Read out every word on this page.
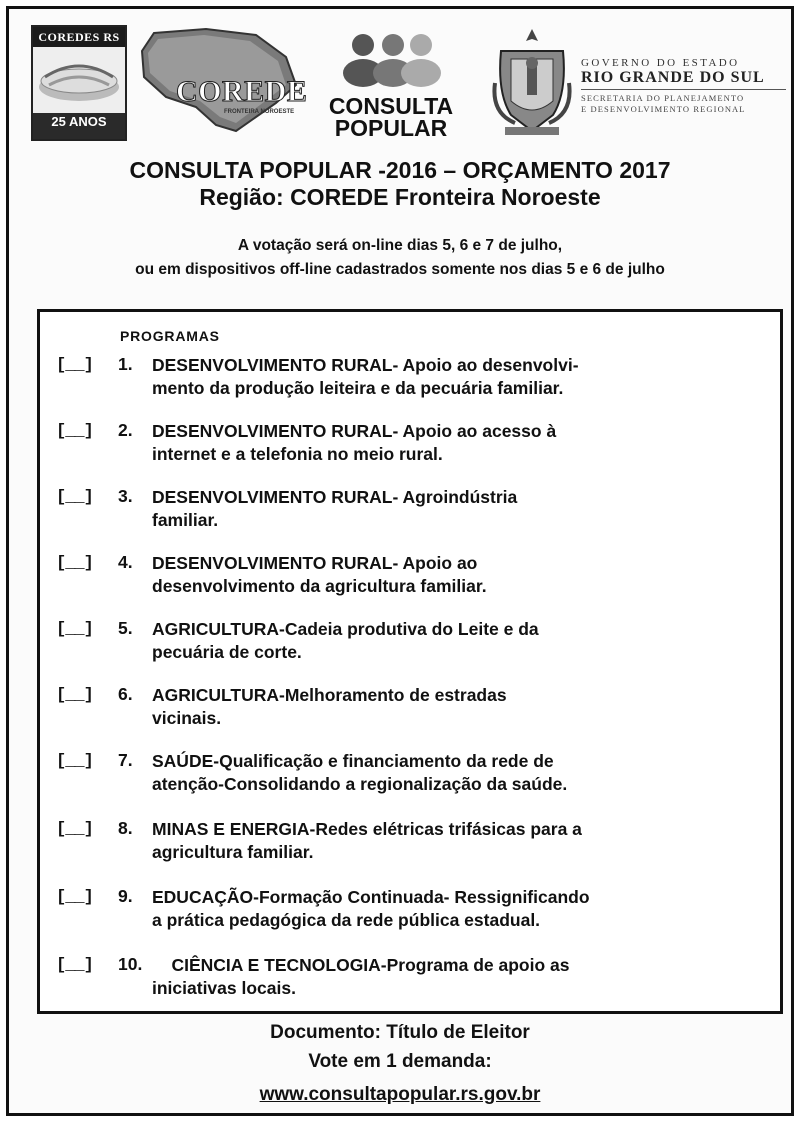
COREDES RS
25 ANOS

COREDE
FRONTEIRA NOROESTE	CONSULTA
POPULAR
GOVERNO DO ESTADO
RIO GRANDE DO SUL
SECRETARIA DO PLANEJAMENTO
E DESENVOLVIMENTO REGIONAL
CONSULTA POPULAR -2016 – ORÇAMENTO 2017
Região: COREDE Fronteira Noroeste
A votação será on-line dias 5, 6 e 7 de julho,
ou em dispositivos off-line cadastrados somente nos dias 5 e 6 de julho
PROGRAMAS
[__] 1. DESENVOLVIMENTO RURAL- Apoio ao desenvolvi-
mento da produção leiteira e da pecuária familiar.
[__] 2. DESENVOLVIMENTO RURAL- Apoio ao acesso à
internet e a telefonia no meio rural.
[__] 3. DESENVOLVIMENTO RURAL- Agroindústria
familiar.
[__] 4. DESENVOLVIMENTO RURAL- Apoio ao
desenvolvimento da agricultura familiar.
[__] 5. AGRICULTURA-Cadeia produtiva do Leite e da
pecuária de corte.
[__] 6. AGRICULTURA-Melhoramento de estradas
vicinais.
[__] 7. SAÚDE-Qualificação e financiamento da rede de
atenção-Consolidando a regionalização da saúde.
[__] 8. MINAS E ENERGIA-Redes elétricas trifásicas para a
agricultura familiar.
[__] 9. EDUCAÇÃO-Formação Continuada- Ressignificando
a prática pedagógica da rede pública estadual.
[__] 10. CIÊNCIA E TECNOLOGIA-Programa de apoio as
iniciativas locais.
Documento: Título de Eleitor
Vote em 1 demanda:
www.consultapopular.rs.gov.br
